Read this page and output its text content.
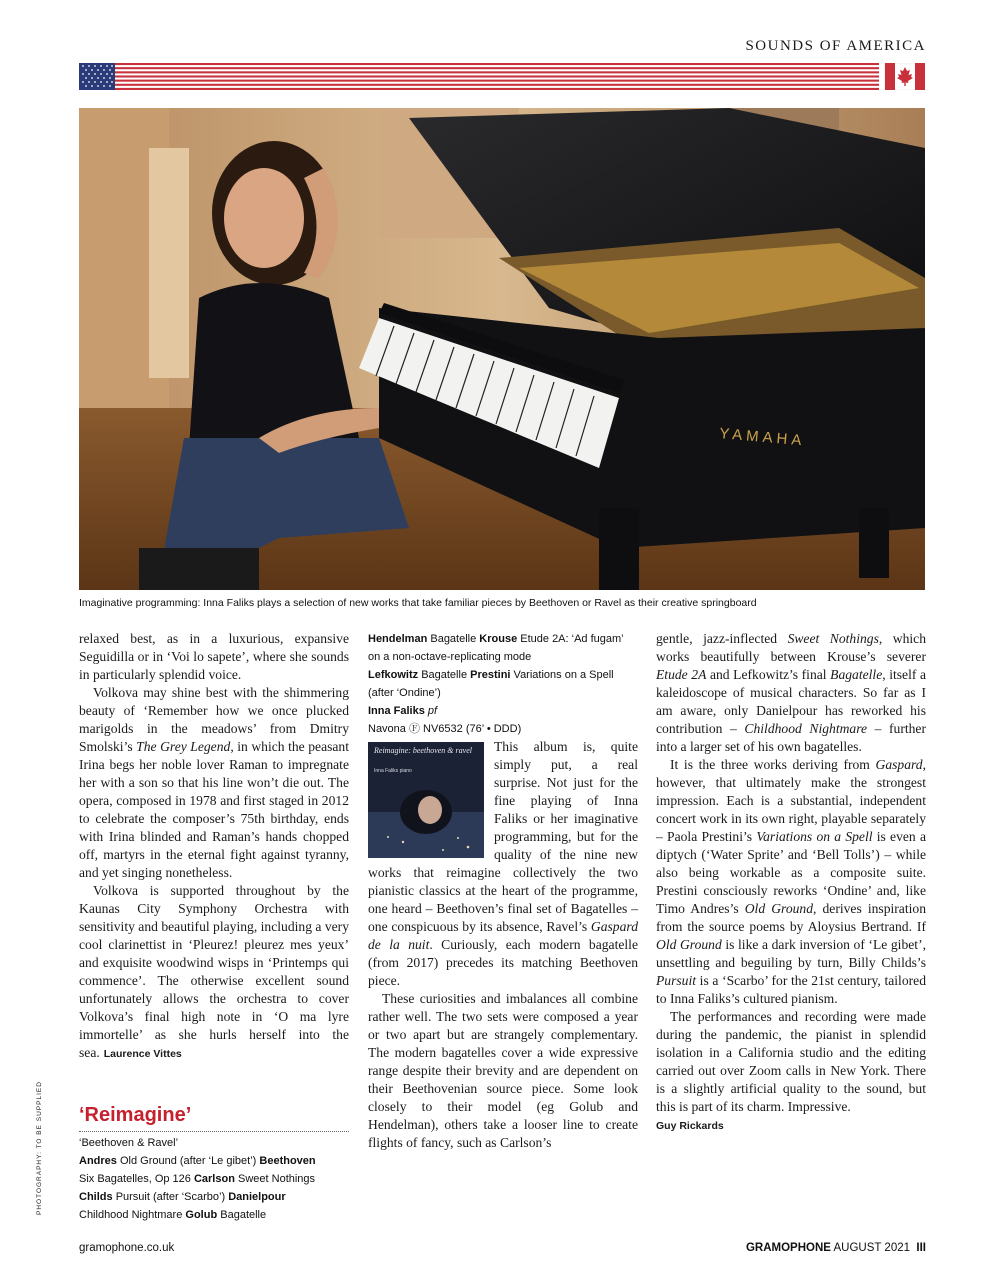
SOUNDS OF AMERICA
YAMAHA
Imaginative programming: Inna Faliks plays a selection of new works that take familiar pieces by Beethoven or Ravel as their creative springboard

relaxed best, as in a luxurious, expansive Seguidilla or in ‘Voi lo sapete’, where she sounds in particularly splendid voice.

Volkova may shine best with the shimmering beauty of ‘Remember how we once plucked marigolds in the meadows’ from Dmitry Smolski’s The Grey Legend, in which the peasant Irina begs her noble lover Raman to impregnate her with a son so that his line won’t die out. The opera, composed in 1978 and first staged in 2012 to celebrate the composer’s 75th birthday, ends with Irina blinded and Raman’s hands chopped off, martyrs in the eternal fight against tyranny, and yet singing nonetheless.

Volkova is supported throughout by the Kaunas City Symphony Orchestra with sensitivity and beautiful playing, including a very cool clarinettist in ‘Pleurez! pleurez mes yeux’ and exquisite woodwind wisps in ‘Printemps qui commence’. The otherwise excellent sound unfortunately allows the orchestra to cover Volkova’s final high note in ‘O ma lyre immortelle’ as she hurls herself into the sea. Laurence Vittes

‘Reimagine’
‘Beethoven & Ravel’
Andres Old Ground (after ‘Le gibet’) Beethoven
Six Bagatelles, Op 126 Carlson Sweet Nothings
Childs Pursuit (after ‘Scarbo’) Danielpour
Childhood Nightmare Golub Bagatelle
Hendelman Bagatelle Krouse Etude 2A: ‘Ad fugam’ on a non-octave-replicating mode
Lefkowitz Bagatelle Prestini Variations on a Spell (after ‘Ondine’)
Inna Faliks pf
Navona Ⓕ NV6532 (76’ • DDD)
Reimagine: beethoven & ravel
Inna Faliks piano

This album is, quite simply put, a real surprise. Not just for the fine playing of Inna Faliks or her imaginative programming, but for the quality of the nine new works that reimagine collectively the two pianistic classics at the heart of the programme, one heard – Beethoven’s final set of Bagatelles – one conspicuous by its absence, Ravel’s Gaspard de la nuit. Curiously, each modern bagatelle (from 2017) precedes its matching Beethoven piece.

These curiosities and imbalances all combine rather well. The two sets were composed a year or two apart but are strangely complementary. The modern bagatelles cover a wide expressive range despite their brevity and are dependent on their Beethovenian source piece. Some look closely to their model (eg Golub and Hendelman), others take a looser line to create flights of fancy, such as Carlson’s

gentle, jazz-inflected Sweet Nothings, which works beautifully between Krouse’s severer Etude 2A and Lefkowitz’s final Bagatelle, itself a kaleidoscope of musical characters. So far as I am aware, only Danielpour has reworked his contribution – Childhood Nightmare – further into a larger set of his own bagatelles.

It is the three works deriving from Gaspard, however, that ultimately make the strongest impression. Each is a substantial, independent concert work in its own right, playable separately – Paola Prestini’s Variations on a Spell is even a diptych (‘Water Sprite’ and ‘Bell Tolls’) – while also being workable as a composite suite. Prestini consciously reworks ‘Ondine’ and, like Timo Andres’s Old Ground, derives inspiration from the source poems by Aloysius Bertrand. If Old Ground is like a dark inversion of ‘Le gibet’, unsettling and beguiling by turn, Billy Childs’s Pursuit is a ‘Scarbo’ for the 21st century, tailored to Inna Faliks’s cultured pianism.

The performances and recording were made during the pandemic, the pianist in splendid isolation in a California studio and the editing carried out over Zoom calls in New York. There is a slightly artificial quality to the sound, but this is part of its charm. Impressive.

Guy Rickards

PHOTOGRAPHY: TO BE SUPPLIED
gramophone.co.uk	GRAMOPHONE AUGUST 2021 III
